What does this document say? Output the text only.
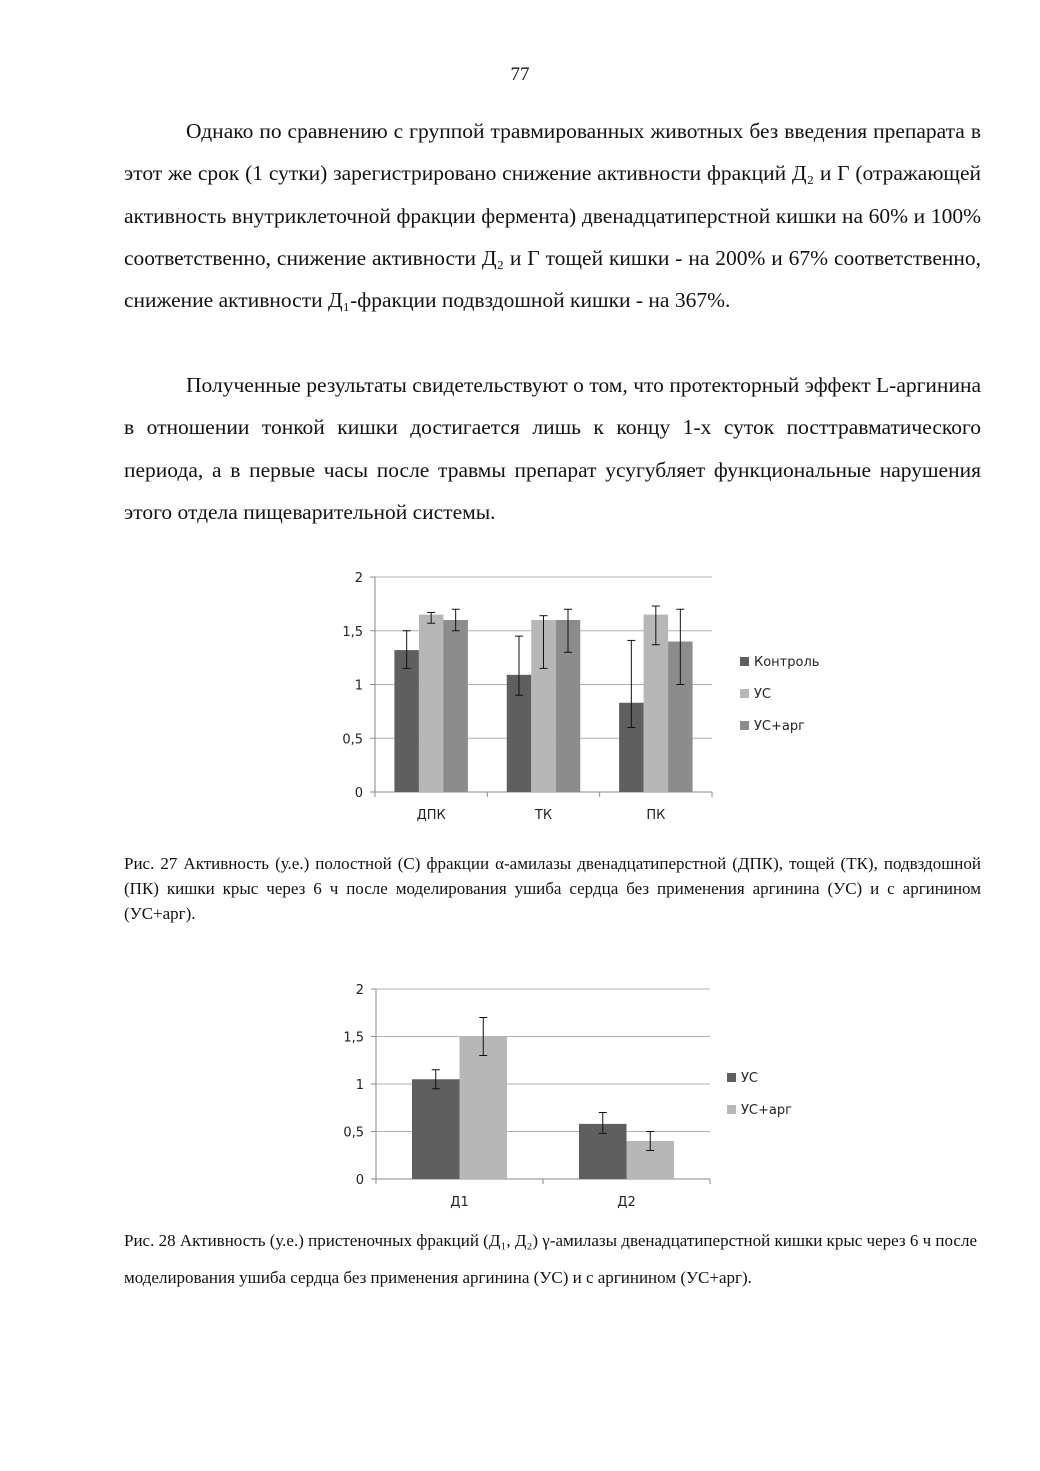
77

Однако по сравнению с группой травмированных животных без введения препарата в этот же срок (1 сутки) зарегистрировано снижение активности фракций Д₂ и Г (отражающей активность внутриклеточной фракции фермента) двенадцатиперстной кишки на 60% и 100% соответственно, снижение активности Д₂ и Г тощей кишки - на 200% и 67% соответственно, снижение активности Д₁-фракции подвздошной кишки - на 367%.

Полученные результаты свидетельствуют о том, что протекторный эффект L-аргинина в отношении тонкой кишки достигается лишь к концу 1-х суток посттравматического периода, а в первые часы после травмы препарат усугубляет функциональные нарушения этого отдела пищеварительной системы.

0
0,5
1
1,5
2
ДПК	ТК	ПК
Контроль
УС
УС+арг
0
0,5
1
1,5
2
Д1	Д2
УС
УС+арг

Рис. 27 Активность (у.е.) полостной (С) фракции α-амилазы двенадцатиперстной (ДПК), тощей (ТК), подвздошной (ПК) кишки крыс через 6 ч после моделирования ушиба сердца без применения аргинина (УС) и с аргинином (УС+арг).

Рис. 28 Активность (у.е.) пристеночных фракций (Д₁, Д₂) γ-амилазы двенадцатиперстной кишки крыс через 6 ч после моделирования ушиба сердца без применения аргинина (УС) и с аргинином (УС+арг).
